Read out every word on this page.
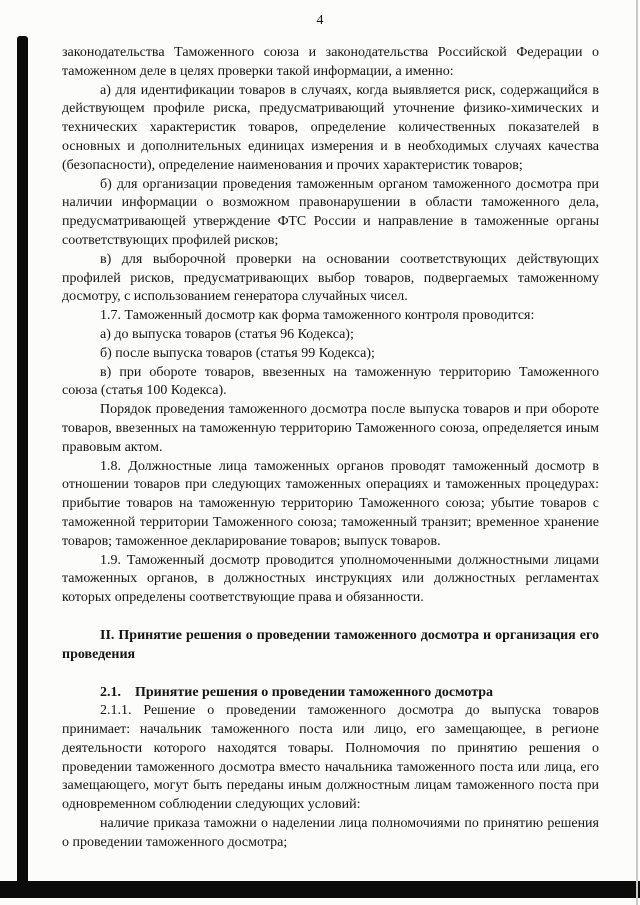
4

законодательства Таможенного союза и законодательства Российской Федерации о таможенном деле в целях проверки такой информации, а именно:

а) для идентификации товаров в случаях, когда выявляется риск, содержащийся в действующем профиле риска, предусматривающий уточнение физико-химических и технических характеристик товаров, определение количественных показателей в основных и дополнительных единицах измерения и в необходимых случаях качества (безопасности), определение наименования и прочих характеристик товаров;

б) для организации проведения таможенным органом таможенного досмотра при наличии информации о возможном правонарушении в области таможенного дела, предусматривающей утверждение ФТС России и направление в таможенные органы соответствующих профилей рисков;

в) для выборочной проверки на основании соответствующих действующих профилей рисков, предусматривающих выбор товаров, подвергаемых таможенному досмотру, с использованием генератора случайных чисел.

1.7. Таможенный досмотр как форма таможенного контроля проводится:

а) до выпуска товаров (статья 96 Кодекса);

б) после выпуска товаров (статья 99 Кодекса);

в) при обороте товаров, ввезенных на таможенную территорию Таможенного союза (статья 100 Кодекса).

Порядок проведения таможенного досмотра после выпуска товаров и при обороте товаров, ввезенных на таможенную территорию Таможенного союза, определяется иным правовым актом.

1.8. Должностные лица таможенных органов проводят таможенный досмотр в отношении товаров при следующих таможенных операциях и таможенных процедурах: прибытие товаров на таможенную территорию Таможенного союза; убытие товаров с таможенной территории Таможенного союза; таможенный транзит; временное хранение товаров; таможенное декларирование товаров; выпуск товаров.

1.9. Таможенный досмотр проводится уполномоченными должностными лицами таможенных органов, в должностных инструкциях или должностных регламентах которых определены соответствующие права и обязанности.

II. Принятие решения о проведении таможенного досмотра и организация его проведения

2.1. Принятие решения о проведении таможенного досмотра

2.1.1. Решение о проведении таможенного досмотра до выпуска товаров принимает: начальник таможенного поста или лицо, его замещающее, в регионе деятельности которого находятся товары. Полномочия по принятию решения о проведении таможенного досмотра вместо начальника таможенного поста или лица, его замещающего, могут быть переданы иным должностным лицам таможенного поста при одновременном соблюдении следующих условий:

наличие приказа таможни о наделении лица полномочиями по принятию решения о проведении таможенного досмотра;
